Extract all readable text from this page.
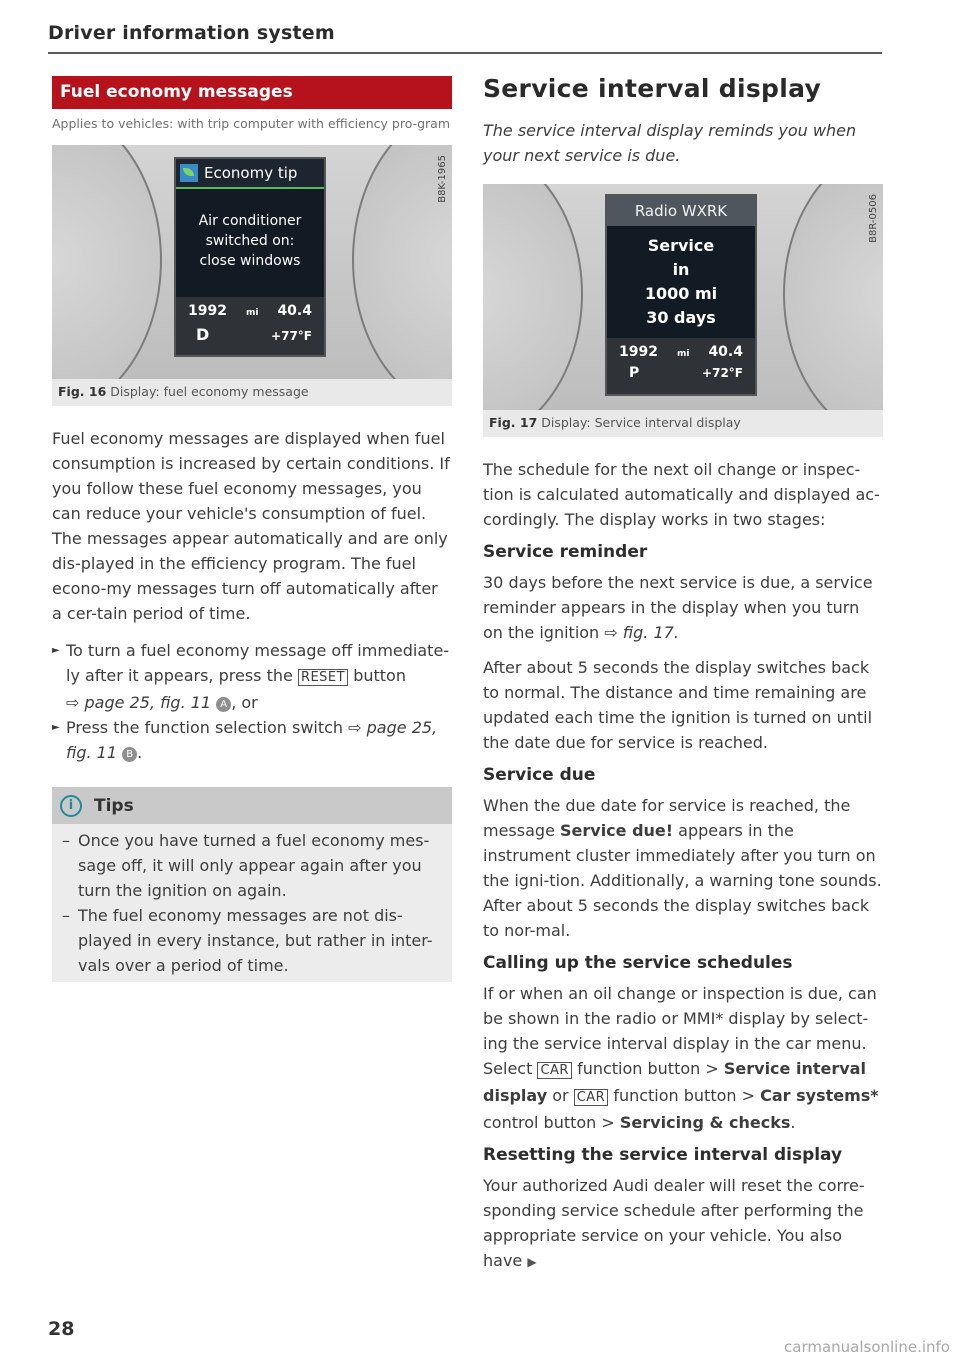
Driver information system
Fuel economy messages
Applies to vehicles: with trip computer with efficiency pro-gram
B8K-1965
Economy tip
Air conditioner
switched on:
close windows
1992 mi 40.4
D	+77°F
Fig. 16 Display: fuel economy message

Fuel economy messages are displayed when fuel consumption is increased by certain conditions. If you follow these fuel economy messages, you can reduce your vehicle's consumption of fuel. The messages appear automatically and are only dis-played in the efficiency program. The fuel econo-my messages turn off automatically after a cer-tain period of time.

► To turn a fuel economy message off immediate-ly after it appears, press the RESET button
⇨ page 25, fig. 11 A , or
► Press the function selection switch ⇨ page 25, fig. 11 B .
i	Tips
– Once you have turned a fuel economy mes-sage off, it will only appear again after you turn the ignition on again.
– The fuel economy messages are not dis-played in every instance, but rather in inter-vals over a period of time.
Service interval display

The service interval display reminds you when your next service is due.

B8R-0506
Radio WXRK
Service
in
1000 mi
30 days
1992 mi 40.4
P	+72°F
Fig. 17 Display: Service interval display

The schedule for the next oil change or inspec-tion is calculated automatically and displayed ac-cordingly. The display works in two stages:

Service reminder

30 days before the next service is due, a service reminder appears in the display when you turn on the ignition ⇨ fig. 17.

After about 5 seconds the display switches back to normal. The distance and time remaining are updated each time the ignition is turned on until the date due for service is reached.

Service due

When the due date for service is reached, the message Service due! appears in the instrument cluster immediately after you turn on the igni-tion. Additionally, a warning tone sounds. After about 5 seconds the display switches back to nor-mal.

Calling up the service schedules

If or when an oil change or inspection is due, can be shown in the radio or MMI* display by select-ing the service interval display in the car menu. Select CAR function button > Service interval display or CAR function button > Car systems* control button > Servicing & checks.

Resetting the service interval display

Your authorized Audi dealer will reset the corre-sponding service schedule after performing the appropriate service on your vehicle. You also have ▶

28
carmanualsonline.info
